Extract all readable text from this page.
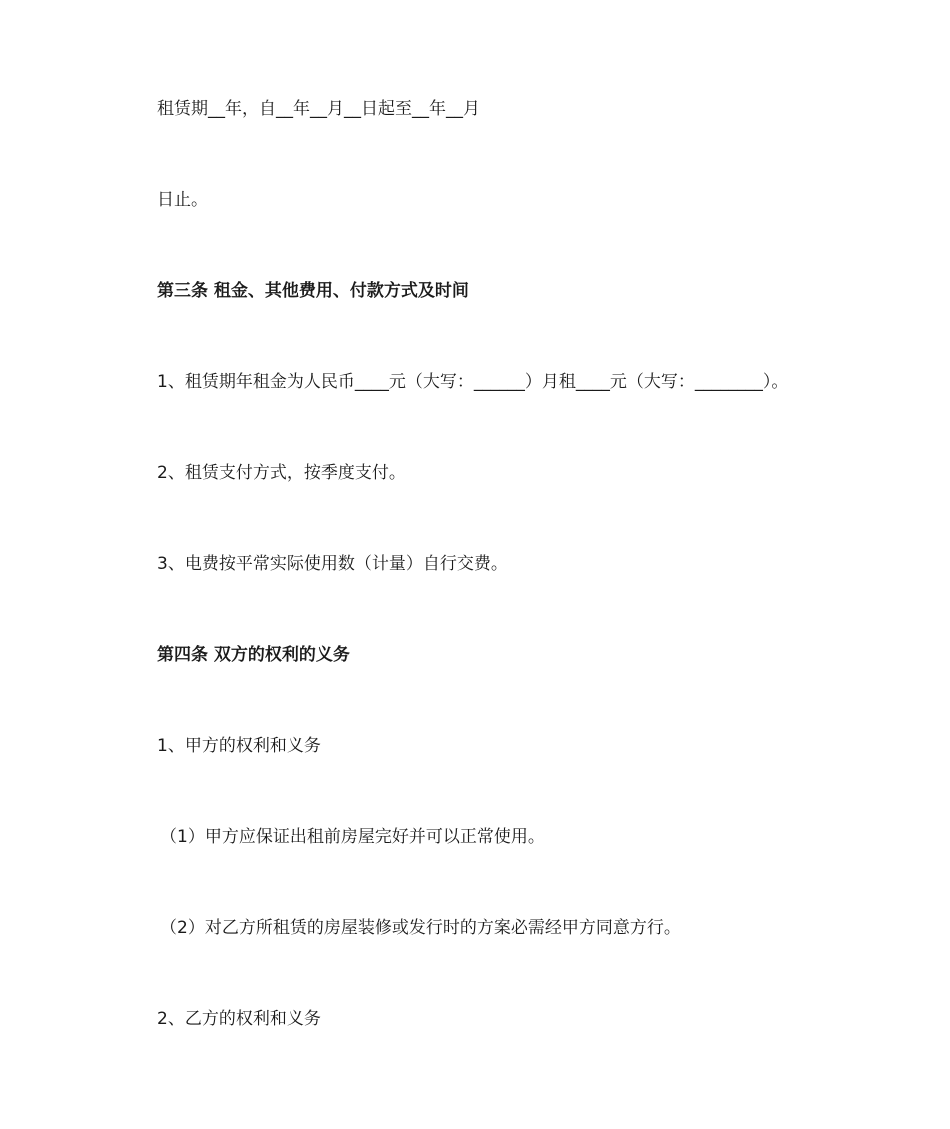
租赁期__年，自__年__月__日起至__年__月
日止。
第三条 租金、其他费用、付款方式及时间
1、租赁期年租金为人民币____元（大写：______）月租____元（大写：________）。
2、租赁支付方式，按季度支付。
3、电费按平常实际使用数（计量）自行交费。
第四条 双方的权利的义务
1、甲方的权利和义务
（1）甲方应保证出租前房屋完好并可以正常使用。
（2）对乙方所租赁的房屋装修或发行时的方案必需经甲方同意方行。
2、乙方的权利和义务
